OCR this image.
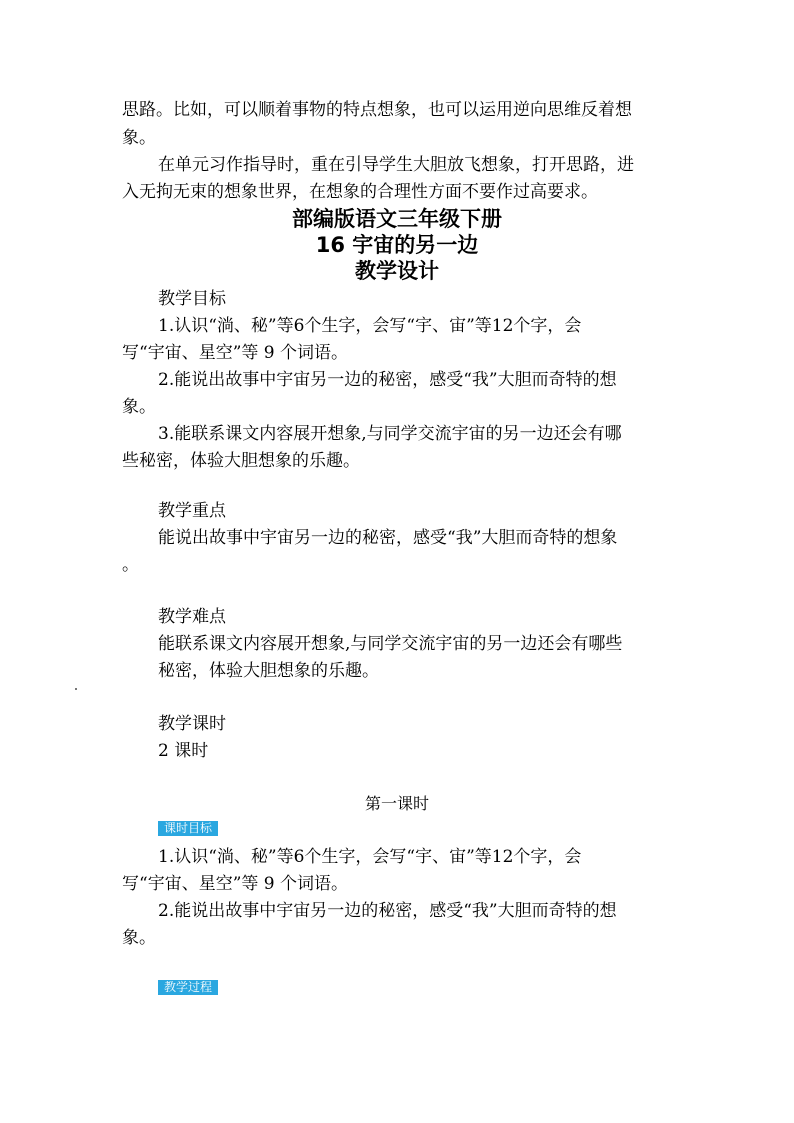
思路。比如，可以顺着事物的特点想象，也可以运用逆向思维反着想
象。
在单元习作指导时，重在引导学生大胆放飞想象，打开思路，进
入无拘无束的想象世界，在想象的合理性方面不要作过高要求。
部编版语文三年级下册
16 宇宙的另一边
教学设计
教学目标
1.认识“淌、秘”等6个生字，会写“宇、宙”等12个字，会
写“宇宙、星空”等 9 个词语。
2.能说出故事中宇宙另一边的秘密，感受“我”大胆而奇特的想
象。
3.能联系课文内容展开想象,与同学交流宇宙的另一边还会有哪
些秘密，体验大胆想象的乐趣。
教学重点
能说出故事中宇宙另一边的秘密，感受“我”大胆而奇特的想象
。
教学难点
能联系课文内容展开想象,与同学交流宇宙的另一边还会有哪些
秘密，体验大胆想象的乐趣。
教学课时
2 课时
第一课时
课时目标
1.认识“淌、秘”等6个生字，会写“宇、宙”等12个字，会
写“宇宙、星空”等 9 个词语。
2.能说出故事中宇宙另一边的秘密，感受“我”大胆而奇特的想
象。
教学过程
